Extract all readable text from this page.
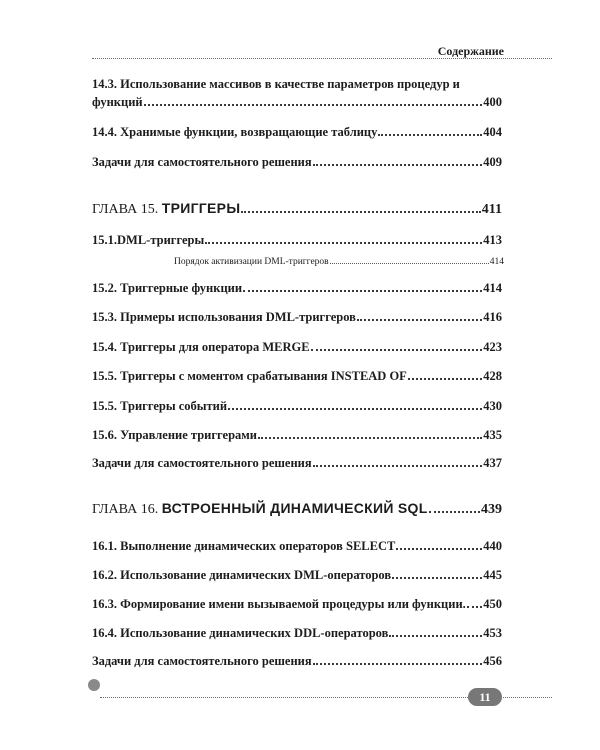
Содержание
14.3. Использование массивов в качестве параметров процедур и
функций	400
14.4. Хранимые функции, возвращающие таблицу	404
Задачи для самостоятельного решения	409
ГЛАВА 15.
ТРИГГЕРЫ	411
15.1.DML-триггеры	413
Порядок активизации DML-триггеров	414
15.2. Триггерные функции	414
15.3. Примеры использования DML-триггеров	416
15.4. Триггеры для оператора MERGE	423
15.5. Триггеры с моментом срабатывания INSTEAD OF	428
15.5. Триггеры событий	430
15.6. Управление триггерами	435
Задачи для самостоятельного решения	437
ГЛАВА 16.
ВСТРОЕННЫЙ ДИНАМИЧЕСКИЙ SQL	439
16.1. Выполнение динамических операторов SELECT	440
16.2. Использование динамических DML-операторов	445
16.3. Формирование имени вызываемой процедуры или функции. 450
16.4. Использование динамических DDL-операторов	453
Задачи для самостоятельного решения	456
11
